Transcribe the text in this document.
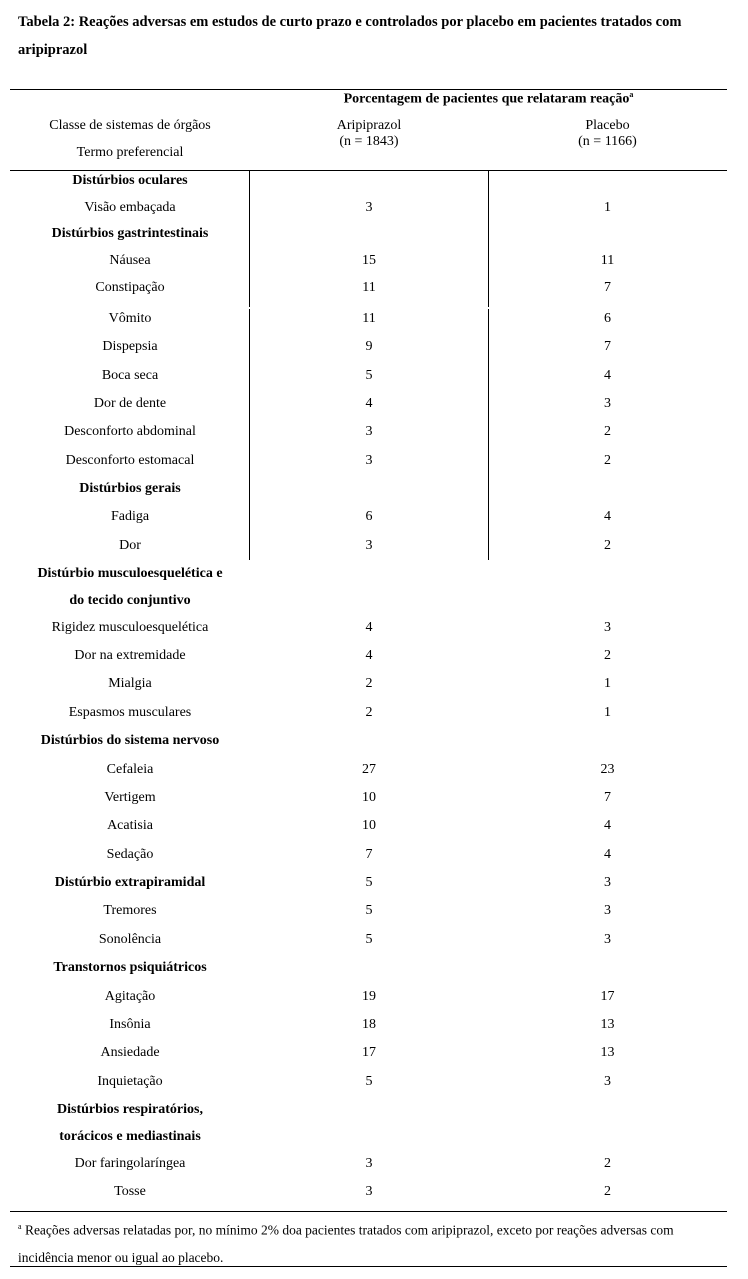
Tabela 2: Reações adversas em estudos de curto prazo e controlados por placebo em pacientes tratados com aripiprazol
Porcentagem de pacientes que relataram reação$^a$
Classe de sistemas de órgãos
Termo preferencial
Aripiprazol
(n = 1843)
Placebo
(n = 1166)
Distúrbios oculares
Visão embaçada	3	1
Distúrbios gastrintestinais
Náusea	15	11
Constipação	11	7
Vômito	11	6
Dispepsia	9	7
Boca seca	5	4
Dor de dente	4	3
Desconforto abdominal	3	2
Desconforto estomacal	3	2
Distúrbios gerais
Fadiga	6	4
Dor	3	2
Distúrbio musculoesquelética e
do tecido conjuntivo
Rigidez musculoesquelética	4	3
Dor na extremidade	4	2
Mialgia	2	1
Espasmos musculares	2	1
Distúrbios do sistema nervoso
Cefaleia	27	23
Vertigem	10	7
Acatisia	10	4
Sedação	7	4
Distúrbio extrapiramidal	5	3
Tremores	5	3
Sonolência	5	3
Transtornos psiquiátricos
Agitação	19	17
Insônia	18	13
Ansiedade	17	13
Inquietação	5	3
Distúrbios respiratórios,
torácicos e mediastinais
Dor faringolaríngea	3	2
Tosse	3	2
$^a$ Reações adversas relatadas por, no mínimo 2% doa pacientes tratados com aripiprazol, exceto por reações adversas com incidência menor ou igual ao placebo.
